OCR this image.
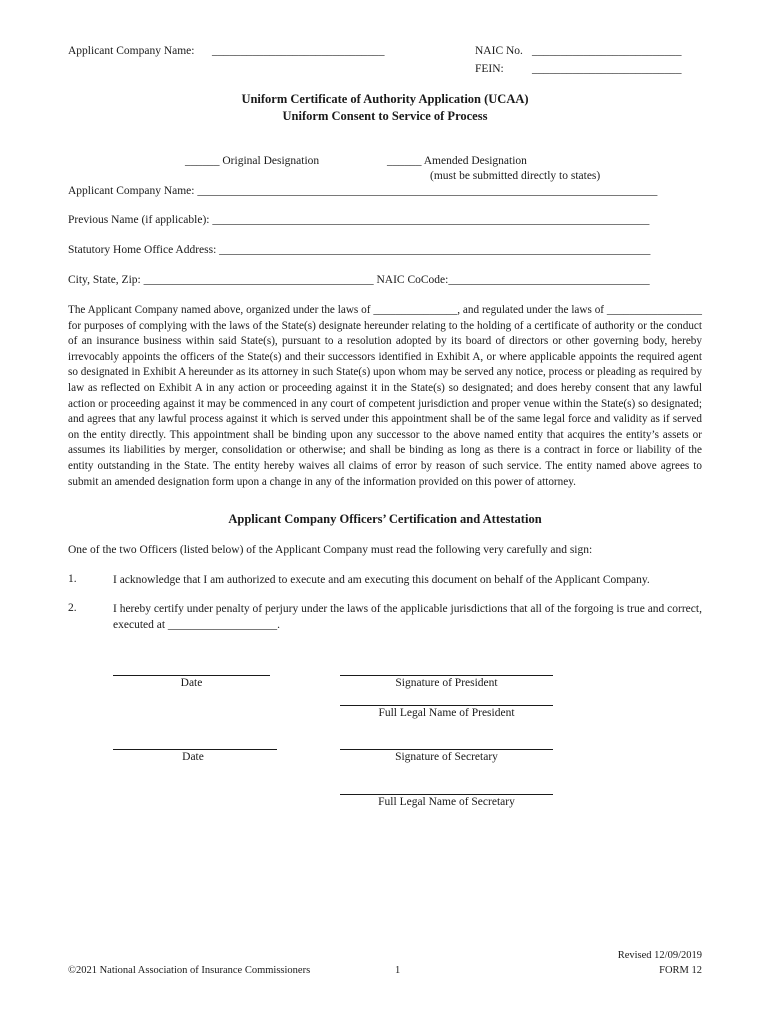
Applicant Company Name: ______________________________	NAIC No. __________________________
FEIN: __________________________
Uniform Certificate of Authority Application (UCAA)
Uniform Consent to Service of Process
______ Original Designation	______ Amended Designation
(must be submitted directly to states)
Applicant Company Name: ________________________________________________________________________________
Previous Name (if applicable): ____________________________________________________________________________
Statutory Home Office Address: ___________________________________________________________________________
City, State, Zip: ________________________________________ NAIC CoCode:___________________________________
The Applicant Company named above, organized under the laws of _______________, and regulated under the laws of _________________ for purposes of complying with the laws of the State(s) designate hereunder relating to the holding of a certificate of authority or the conduct of an insurance business within said State(s), pursuant to a resolution adopted by its board of directors or other governing body, hereby irrevocably appoints the officers of the State(s) and their successors identified in Exhibit A, or where applicable appoints the required agent so designated in Exhibit A hereunder as its attorney in such State(s) upon whom may be served any notice, process or pleading as required by law as reflected on Exhibit A in any action or proceeding against it in the State(s) so designated; and does hereby consent that any lawful action or proceeding against it may be commenced in any court of competent jurisdiction and proper venue within the State(s) so designated; and agrees that any lawful process against it which is served under this appointment shall be of the same legal force and validity as if served on the entity directly. This appointment shall be binding upon any successor to the above named entity that acquires the entity’s assets or assumes its liabilities by merger, consolidation or otherwise; and shall be binding as long as there is a contract in force or liability of the entity outstanding in the State. The entity hereby waives all claims of error by reason of such service. The entity named above agrees to submit an amended designation form upon a change in any of the information provided on this power of attorney.
Applicant Company Officers’ Certification and Attestation
One of the two Officers (listed below) of the Applicant Company must read the following very carefully and sign:
1.	I acknowledge that I am authorized to execute and am executing this document on behalf of the Applicant Company.
2.	I hereby certify under penalty of perjury under the laws of the applicable jurisdictions that all of the forgoing is true and correct, executed at ___________________.
Date	Signature of President
Full Legal Name of President
Date	Signature of Secretary
Full Legal Name of Secretary
©2021 National Association of Insurance Commissioners	1
Revised 12/09/2019
FORM 12
